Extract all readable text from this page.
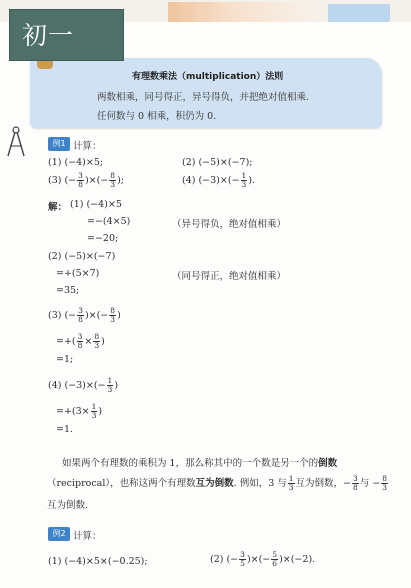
初一
有理数乘法（multiplication）法则
两数相乘，同号得正，异号得负，并把绝对值相乘.
任何数与 0 相乘，积仍为 0.
例1 计算：
(1) (−4)×5;	(2) (−5)×(−7);
(3) (− $\frac{3}{8}$ )×(− $\frac{8}{3}$ );	(4) $(-3)\times(- \frac{1}{3}$ ).
解： (1) (−4)×5
=−(4×5)	（异号得负，绝对值相乘）
=−20;
(2) (−5)×(−7)
=+(5×7)	（同号得正，绝对值相乘）
=35;
(3) (− $\frac{3}{8}$ )×(− $\frac{8}{3}$ )
=+( $\frac{3}{8} \times \frac{8}{3}$ )
=1;
(4) $(-3)\times(- \frac{1}{3}$ )
$=+(3\times \frac{1}{3}$ )
=1.
如果两个有理数的乘积为 1，那么称其中的一个数是另一个的倒数
（reciprocal），也称这两个有理数互为倒数. 例如，3 与 $\frac{1}{3}$ 互为倒数，− $\frac{3}{8}$ 与 − $\frac{8}{3}$
互为倒数.
例2 计算：
(1) (−4)×5×(−0.25);	(2) (− $\frac{3}{5}$ )×(− $\frac{5}{6} )\times(-2)$.
